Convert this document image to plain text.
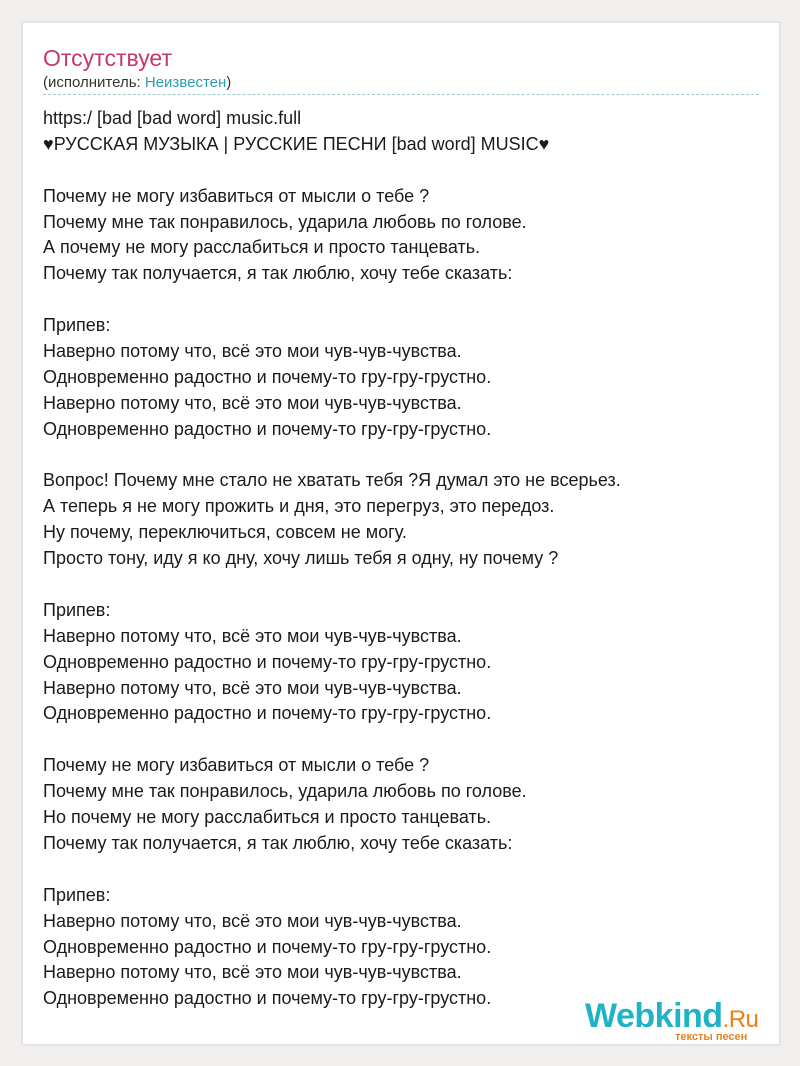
Отсутствует
(исполнитель: Неизвестен)
https:/ [bad [bad word] music.full
♥РУССКАЯ МУЗЫКА | РУССКИЕ ПЕСНИ [bad word] MUSIC♥
Почему не могу избавиться от мысли о тебе ?
Почему мне так понравилось, ударила любовь по голове.
А почему не могу расслабиться и просто танцевать.
Почему так получается, я так люблю, хочу тебе сказать:
Припев:
Наверно потому что, всё это мои чув-чув-чувства.
Одновременно радостно и почему-то гру-гру-грустно.
Наверно потому что, всё это мои чув-чув-чувства.
Одновременно радостно и почему-то гру-гру-грустно.
Вопрос! Почему мне стало не хватать тебя ?Я думал это не всерьез.
А теперь я не могу прожить и дня, это перегруз, это передоз.
Ну почему, переключиться, совсем не могу.
Просто тону, иду я ко дну, хочу лишь тебя я одну, ну почему ?
Припев:
Наверно потому что, всё это мои чув-чув-чувства.
Одновременно радостно и почему-то гру-гру-грустно.
Наверно потому что, всё это мои чув-чув-чувства.
Одновременно радостно и почему-то гру-гру-грустно.
Почему не могу избавиться от мысли о тебе ?
Почему мне так понравилось, ударила любовь по голове.
Но почему не могу расслабиться и просто танцевать.
Почему так получается, я так люблю, хочу тебе сказать:
Припев:
Наверно потому что, всё это мои чув-чув-чувства.
Одновременно радостно и почему-то гру-гру-грустно.
Наверно потому что, всё это мои чув-чув-чувства.
Одновременно радостно и почему-то гру-гру-грустно.	Webkind.Ru
тексты песен
